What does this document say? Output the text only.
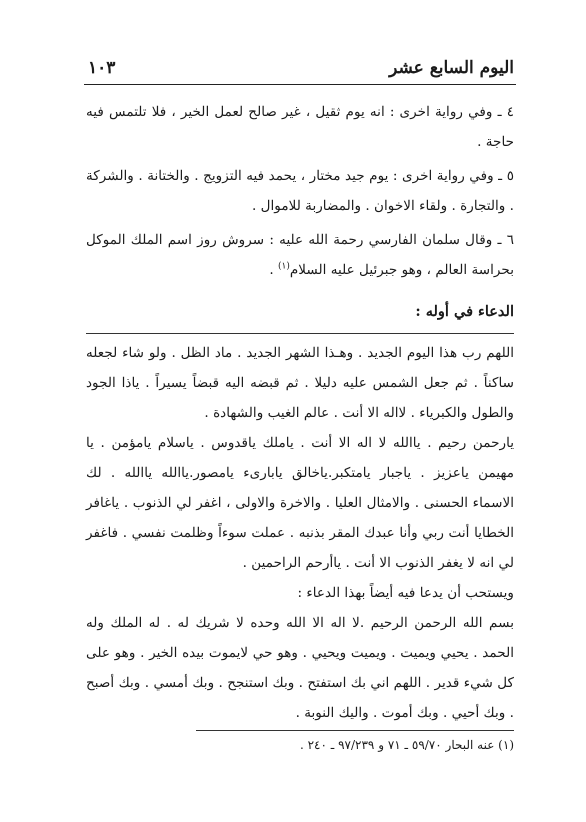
اليوم السابع عشر
١٠٣

٤ ـ وفي رواية اخرى : انه يوم ثقيل ، غير صالح لعمل الخير ، فلا تلتمس فيه حاجة .

٥ ـ وفي رواية اخرى : يوم جيد مختار ، يحمد فيه التزويج . والختانة . والشركة . والتجارة . ولقاء الاخوان . والمضاربة للاموال .

٦ ـ وقال سلمان الفارسي رحمة الله عليه : سروش روز اسم الملك الموكل بحراسة العالم ، وهو جبرئيل عليه السلام$^{(١)}$ .

الدعاء في أوله :

اللهم رب هذا اليوم الجديد . وهـذا الشهر الجديد . ماد الظل . ولو شاء لجعله ساكناً . ثم جعل الشمس عليه دليلا . ثم قبضه اليه قبضاً يسيراً . ياذا الجود والطول والكبرياء . لااله الا أنت . عالم الغيب والشهادة .

يارحمن رحيم . ياالله لا اله الا أنت . ياملك ياقدوس . ياسلام يامؤمن . يا مهيمن ياعزيز . ياجبار يامتكبر.ياخالق يابارىء يامصور.ياالله ياالله . لك الاسماء الحسنى . والامثال العليا . والاخرة والاولى ، اغفر لي الذنوب . ياغافر الخطايا أنت ربي وأنا عبدك المقر بذنبه . عملت سوءاً وظلمت نفسي . فاغفر لي انه لا يغفر الذنوب الا أنت . ياأرحم الراحمين .

ويستحب أن يدعا فيه أيضاً بهذا الدعاء :

بسم الله الرحمن الرحيم .لا اله الا الله وحده لا شريك له . له الملك وله الحمد . يحيي ويميت . ويميت ويحيي . وهو حي لايموت بيده الخير . وهو على كل شيء قدير . اللهم اني بك استفتح . وبك استنجح . وبك أمسي . وبك أصبح . وبك أحيي . وبك أموت . واليك النوبة .

(١) عنه البحار ٥٩/٧٠ ـ ٧١ و ٩٧/٢٣٩ ـ ٢٤٠ .
